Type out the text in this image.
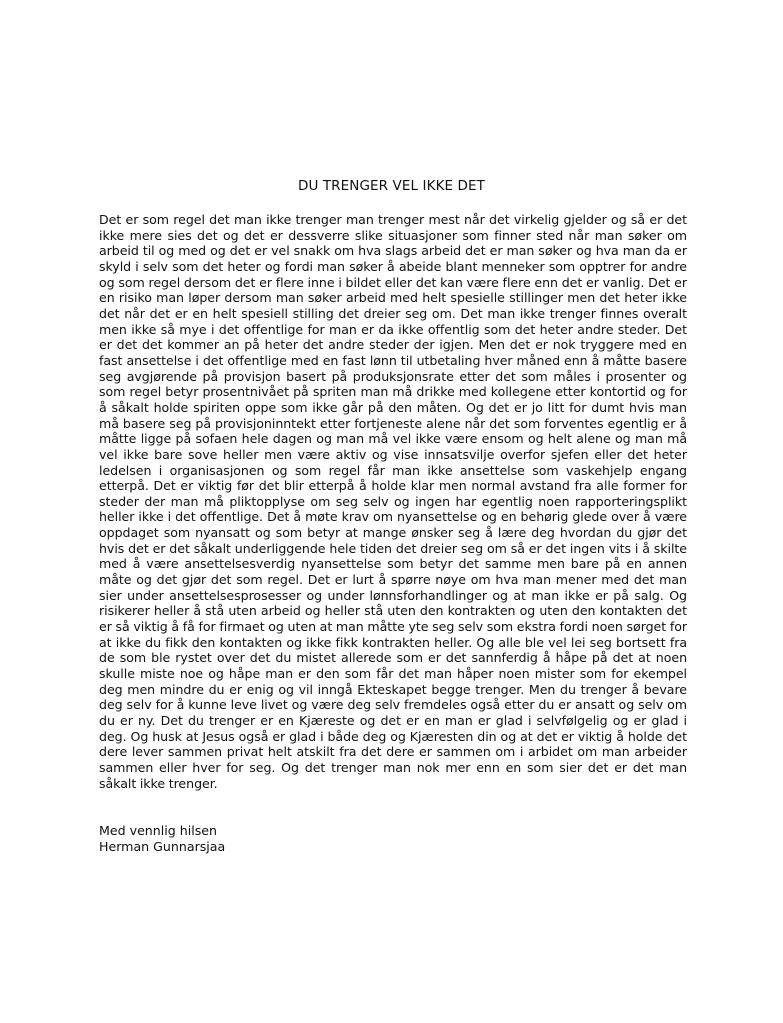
DU TRENGER VEL IKKE DET
Det er som regel det man ikke trenger man trenger mest når det virkelig gjelder og så er det ikke mere sies det og det er dessverre slike situasjoner som finner sted når man søker om arbeid til og med og det er vel snakk om hva slags arbeid det er man søker og hva man da er skyld i selv som det heter og fordi man søker å abeide blant menneker som opptrer for andre og som regel dersom det er flere inne i bildet eller det kan være flere enn det er vanlig. Det er en risiko man løper dersom man søker arbeid med helt spesielle stillinger men det heter ikke det når det er en helt spesiell stilling det dreier seg om. Det man ikke trenger finnes overalt men ikke så mye i det offentlige for man er da ikke offentlig som det heter andre steder. Det er det det kommer an på heter det andre steder der igjen. Men det er nok tryggere med en fast ansettelse i det offentlige med en fast lønn til utbetaling hver måned enn å måtte basere seg avgjørende på provisjon basert på produksjonsrate etter det som måles i prosenter og som regel betyr prosentnivået på spriten man må drikke med kollegene etter kontortid og for å såkalt holde spiriten oppe som ikke går på den måten. Og det er jo litt for dumt hvis man må basere seg på provisjoninntekt etter fortjeneste alene når det som forventes egentlig er å måtte ligge på sofaen hele dagen og man må vel ikke være ensom og helt alene og man må vel ikke bare sove heller men være aktiv og vise innsatsvilje overfor sjefen eller det heter ledelsen i organisasjonen og som regel får man ikke ansettelse som vaskehjelp engang etterpå. Det er viktig før det blir etterpå å holde klar men normal avstand fra alle former for steder der man må pliktopplyse om seg selv og ingen har egentlig noen rapporteringsplikt heller ikke i det offentlige. Det å møte krav om nyansettelse og en behørig glede over å være oppdaget som nyansatt og som betyr at mange ønsker seg å lære deg hvordan du gjør det hvis det er det såkalt underliggende hele tiden det dreier seg om så er det ingen vits i å skilte med å være ansettelsesverdig nyansettelse som betyr det samme men bare på en annen måte og det gjør det som regel. Det er lurt å spørre nøye om hva man mener med det man sier under ansettelsesprosesser og under lønnsforhandlinger og at man ikke er på salg. Og risikerer heller å stå uten arbeid og heller stå uten den kontrakten og uten den kontakten det er så viktig å få for firmaet og uten at man måtte yte seg selv som ekstra fordi noen sørget for at ikke du fikk den kontakten og ikke fikk kontrakten heller. Og alle ble vel lei seg bortsett fra de som ble rystet over det du mistet allerede som er det sannferdig å håpe på det at noen skulle miste noe og håpe man er den som får det man håper noen mister som for ekempel deg men mindre du er enig og vil inngå Ekteskapet begge trenger. Men du trenger å bevare deg selv for å kunne leve livet og være deg selv fremdeles også etter du er ansatt og selv om du er ny. Det du trenger er en Kjæreste og det er en man er glad i selvfølgelig og er glad i deg. Og husk at Jesus også er glad i både deg og Kjæresten din og at det er viktig å holde det dere lever sammen privat helt atskilt fra det dere er sammen om i arbidet om man arbeider sammen eller hver for seg. Og det trenger man nok mer enn en som sier det er det man såkalt ikke trenger.
Med vennlig hilsen
Herman Gunnarsjaa
